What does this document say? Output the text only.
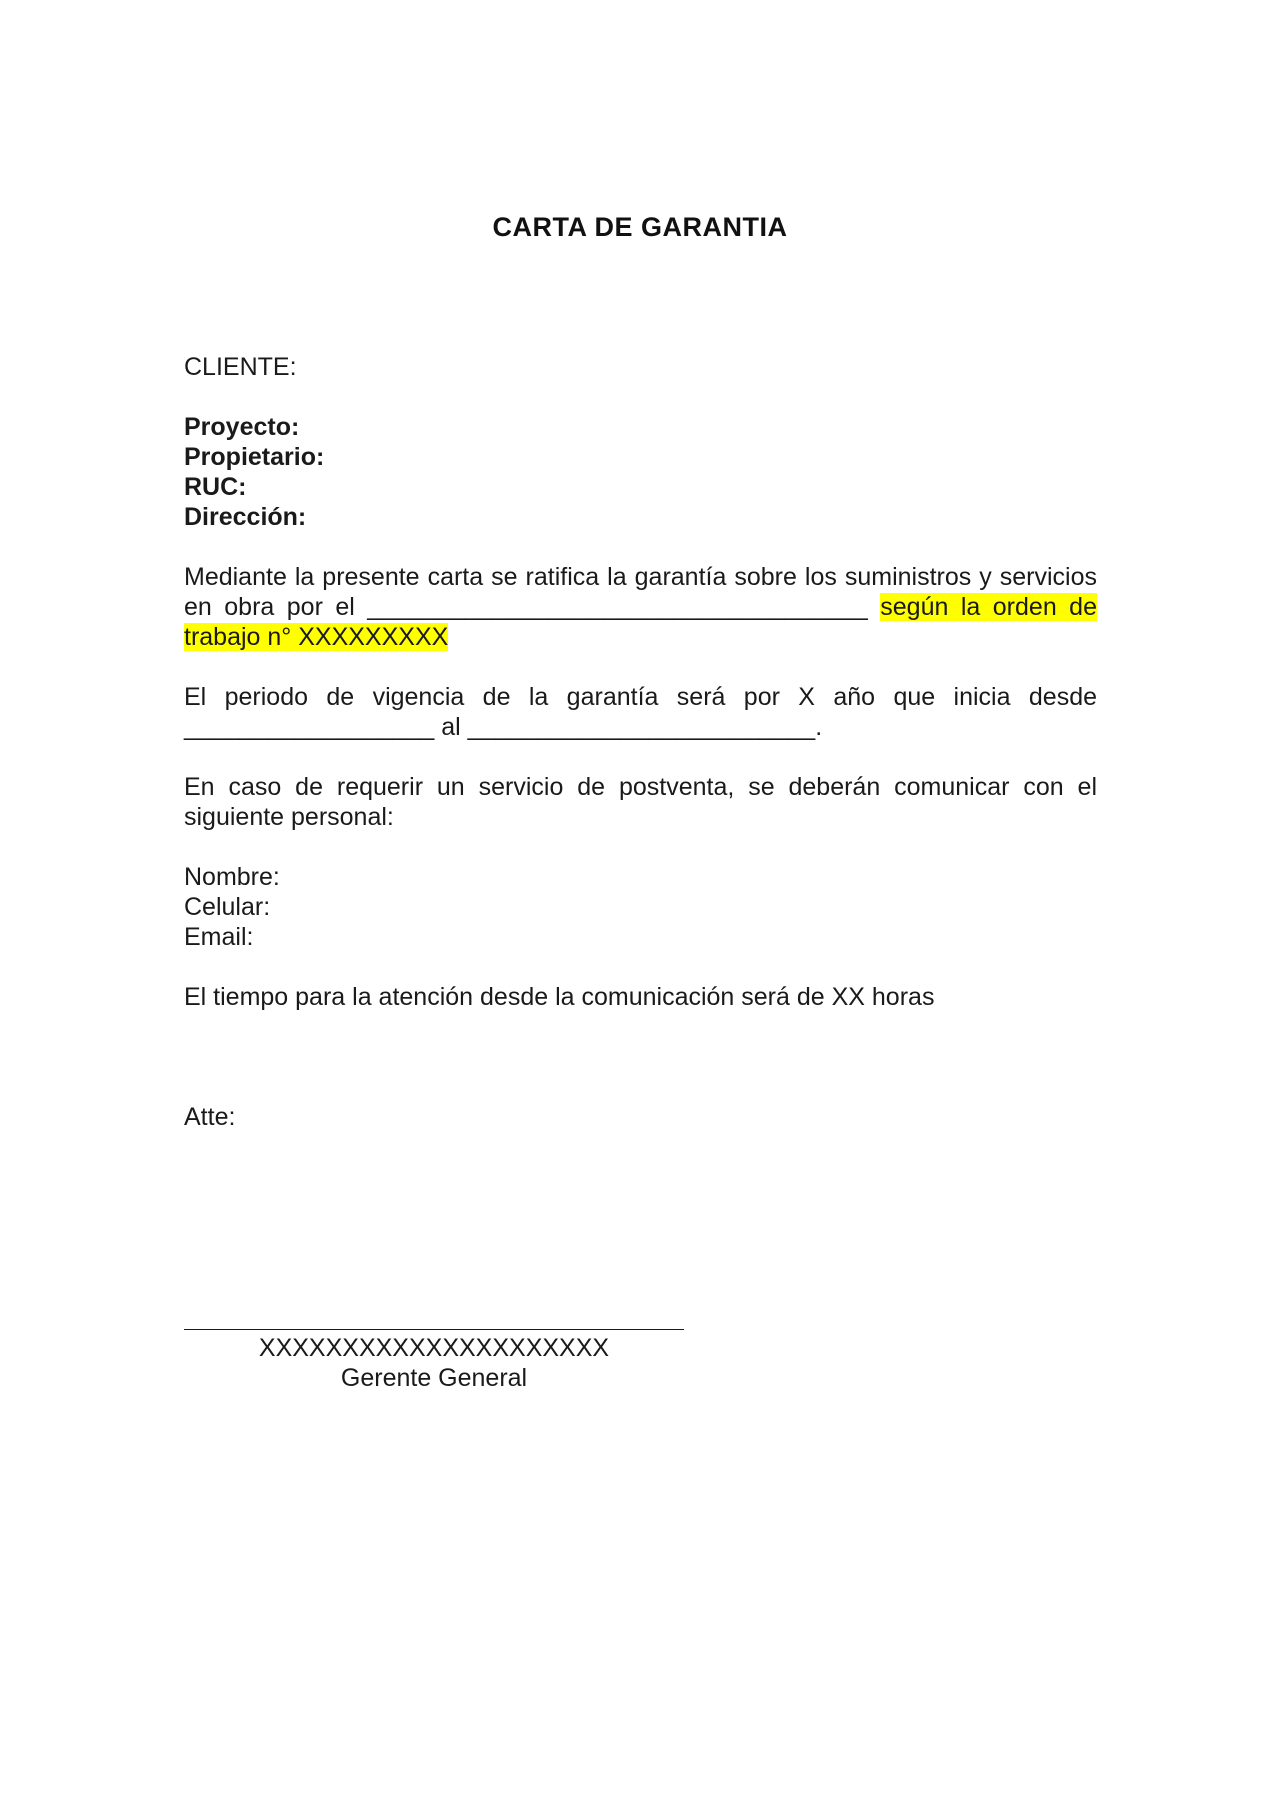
CARTA DE GARANTIA
CLIENTE:
Proyecto:
Propietario:
RUC:
Dirección:
Mediante la presente carta se ratifica la garantía sobre los suministros y servicios en obra por el ____________________________________ según la orden de trabajo n° XXXXXXXXX
El periodo de vigencia de la garantía será por X año que inicia desde __________________ al _________________________.
En caso de requerir un servicio de postventa, se deberán comunicar con el siguiente personal:
Nombre:
Celular:
Email:
El tiempo para la atención desde la comunicación será de XX horas
Atte:
XXXXXXXXXXXXXXXXXXXXX
Gerente General
